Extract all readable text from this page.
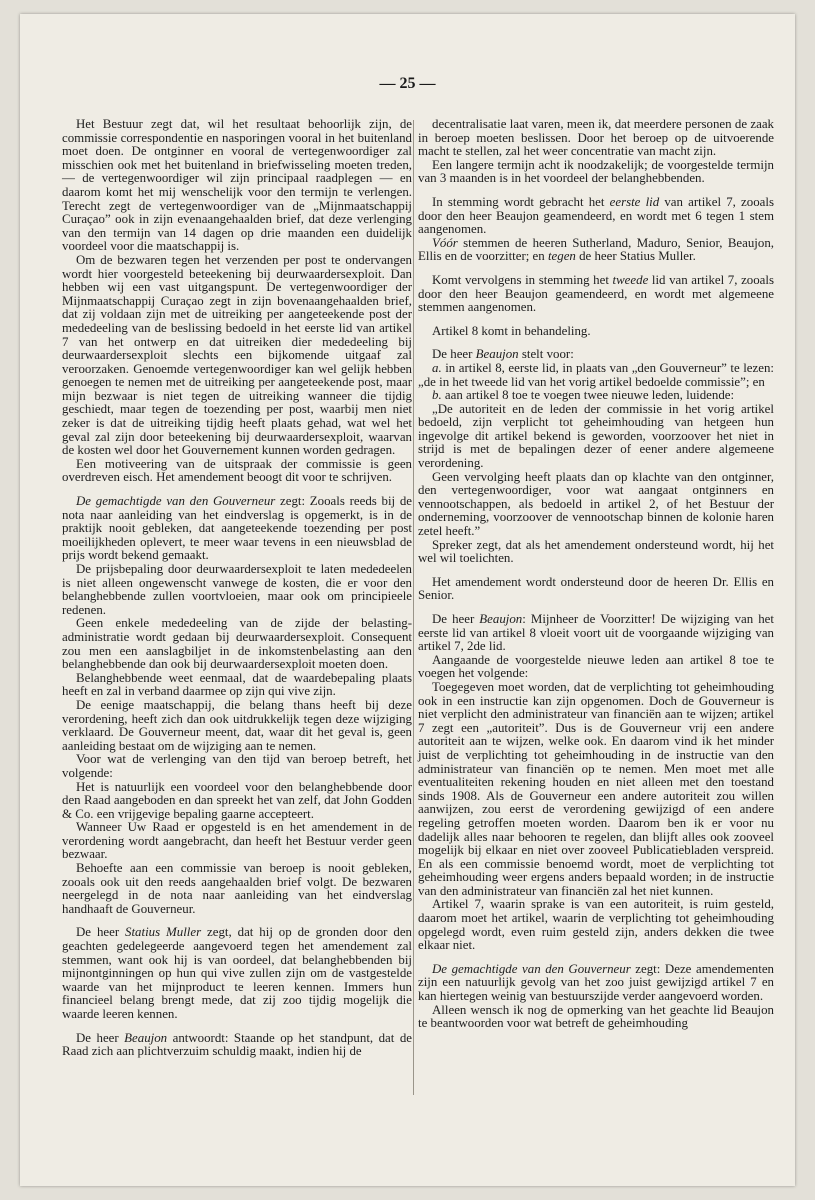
— 25 —

Het Bestuur zegt dat, wil het resultaat behoorlijk zijn, de commissie correspondentie en nasporingen vooral in het buitenland moet doen. De ontginner en vooral de vertegenwoordiger zal misschien ook met het buitenland in briefwisseling moeten treden, — de vertegenwoordiger wil zijn principaal raadplegen — en daarom komt het mij wenschelijk voor den termijn te verlengen. Terecht zegt de vertegenwoordiger van de „Mijnmaatschappij Curaçao” ook in zijn evenaangehaalden brief, dat deze verlenging van den termijn van 14 dagen op drie maanden een duidelijk voordeel voor die maatschappij is.

Om de bezwaren tegen het verzenden per post te ondervangen wordt hier voorgesteld beteekening bij deurwaardersexploit. Dan hebben wij een vast uitgangspunt. De vertegenwoordiger der Mijnmaatschappij Curaçao zegt in zijn bovenaangehaalden brief, dat zij voldaan zijn met de uitreiking per aangeteekende post der mededeeling van de beslissing bedoeld in het eerste lid van artikel 7 van het ontwerp en dat uitreiken dier mededeeling bij deurwaardersexploit slechts een bijkomende uitgaaf zal veroorzaken. Genoemde vertegenwoordiger kan wel gelijk hebben genoegen te nemen met de uitreiking per aangeteekende post, maar mijn bezwaar is niet tegen de uitreiking wanneer die tijdig geschiedt, maar tegen de toezending per post, waarbij men niet zeker is dat de uitreiking tijdig heeft plaats gehad, wat wel het geval zal zijn door beteekening bij deurwaardersexploit, waarvan de kosten wel door het Gouvernement kunnen worden gedragen.

Een motiveering van de uitspraak der commissie is geen overdreven eisch. Het amendement beoogt dit voor te schrijven.

De gemachtigde van den Gouverneur zegt: Zooals reeds bij de nota naar aanleiding van het eindverslag is opgemerkt, is in de praktijk nooit gebleken, dat aangeteekende toezending per post moeilijkheden oplevert, te meer waar tevens in een nieuwsblad de prijs wordt bekend gemaakt.

De prijsbepaling door deurwaardersexploit te laten mededeelen is niet alleen ongewenscht vanwege de kosten, die er voor den belanghebbende zullen voortvloeien, maar ook om principieele redenen.

Geen enkele mededeeling van de zijde der belasting-administratie wordt gedaan bij deurwaardersexploit. Consequent zou men een aanslagbiljet in de inkomstenbelasting aan den belanghebbende dan ook bij deurwaardersexploit moeten doen.

Belanghebbende weet eenmaal, dat de waardebepaling plaats heeft en zal in verband daarmee op zijn qui vive zijn.

De eenige maatschappij, die belang thans heeft bij deze verordening, heeft zich dan ook uitdrukkelijk tegen deze wijziging verklaard. De Gouverneur meent, dat, waar dit het geval is, geen aanleiding bestaat om de wijziging aan te nemen.

Voor wat de verlenging van den tijd van beroep betreft, het volgende:

Het is natuurlijk een voordeel voor den belanghebbende door den Raad aangeboden en dan spreekt het van zelf, dat John Godden & Co. een vrijgevige bepaling gaarne accepteert.

Wanneer Uw Raad er opgesteld is en het amendement in de verordening wordt aangebracht, dan heeft het Bestuur verder geen bezwaar.

Behoefte aan een commissie van beroep is nooit gebleken, zooals ook uit den reeds aangehaalden brief volgt. De bezwaren neergelegd in de nota naar aanleiding van het eindverslag handhaaft de Gouverneur.

De heer Statius Muller zegt, dat hij op de gronden door den geachten gedelegeerde aangevoerd tegen het amendement zal stemmen, want ook hij is van oordeel, dat belanghebbenden bij mijnontginningen op hun qui vive zullen zijn om de vastgestelde waarde van het mijnproduct te leeren kennen. Immers hun financieel belang brengt mede, dat zij zoo tijdig mogelijk die waarde leeren kennen.

De heer Beaujon antwoordt: Staande op het standpunt, dat de Raad zich aan plichtverzuim schuldig maakt, indien hij de

decentralisatie laat varen, meen ik, dat meerdere personen de zaak in beroep moeten beslissen. Door het beroep op de uitvoerende macht te stellen, zal het weer concentratie van macht zijn.

Een langere termijn acht ik noodzakelijk; de voorgestelde termijn van 3 maanden is in het voordeel der belanghebbenden.

In stemming wordt gebracht het eerste lid van artikel 7, zooals door den heer Beaujon geamendeerd, en wordt met 6 tegen 1 stem aangenomen.

Vóór stemmen de heeren Sutherland, Maduro, Senior, Beaujon, Ellis en de voorzitter; en tegen de heer Statius Muller.

Komt vervolgens in stemming het tweede lid van artikel 7, zooals door den heer Beaujon geamendeerd, en wordt met algemeene stemmen aangenomen.

Artikel 8 komt in behandeling.

De heer Beaujon stelt voor:

a. in artikel 8, eerste lid, in plaats van „den Gouverneur” te lezen: „de in het tweede lid van het vorig artikel bedoelde commissie”; en

b. aan artikel 8 toe te voegen twee nieuwe leden, luidende:

„De autoriteit en de leden der commissie in het vorig artikel bedoeld, zijn verplicht tot geheimhouding van hetgeen hun ingevolge dit artikel bekend is geworden, voorzoover het niet in strijd is met de bepalingen dezer of eener andere algemeene verordening.

Geen vervolging heeft plaats dan op klachte van den ontginner, den vertegenwoordiger, voor wat aangaat ontginners en vennootschappen, als bedoeld in artikel 2, of het Bestuur der onderneming, voorzoover de vennootschap binnen de kolonie haren zetel heeft.”

Spreker zegt, dat als het amendement ondersteund wordt, hij het wel wil toelichten.

Het amendement wordt ondersteund door de heeren Dr. Ellis en Senior.

De heer Beaujon: Mijnheer de Voorzitter! De wijziging van het eerste lid van artikel 8 vloeit voort uit de voorgaande wijziging van artikel 7, 2de lid.

Aangaande de voorgestelde nieuwe leden aan artikel 8 toe te voegen het volgende:

Toegegeven moet worden, dat de verplichting tot geheimhouding ook in een instructie kan zijn opgenomen. Doch de Gouverneur is niet verplicht den administrateur van financiën aan te wijzen; artikel 7 zegt een „autoriteit”. Dus is de Gouverneur vrij een andere autoriteit aan te wijzen, welke ook. En daarom vind ik het minder juist de verplichting tot geheimhouding in de instructie van den administrateur van financiën op te nemen. Men moet met alle eventualiteiten rekening houden en niet alleen met den toestand sinds 1908. Als de Gouverneur een andere autoriteit zou willen aanwijzen, zou eerst de verordening gewijzigd of een andere regeling getroffen moeten worden. Daarom ben ik er voor nu dadelijk alles naar behooren te regelen, dan blijft alles ook zooveel mogelijk bij elkaar en niet over zooveel Publicatiebladen verspreid. En als een commissie benoemd wordt, moet de verplichting tot geheimhouding weer ergens anders bepaald worden; in de instructie van den administrateur van financiën zal het niet kunnen.

Artikel 7, waarin sprake is van een autoriteit, is ruim gesteld, daarom moet het artikel, waarin de verplichting tot geheimhouding opgelegd wordt, even ruim gesteld zijn, anders dekken die twee elkaar niet.

De gemachtigde van den Gouverneur zegt: Deze amendementen zijn een natuurlijk gevolg van het zoo juist gewijzigd artikel 7 en kan hiertegen weinig van bestuurszijde verder aangevoerd worden.

Alleen wensch ik nog de opmerking van het geachte lid Beaujon te beantwoorden voor wat betreft de geheimhouding
